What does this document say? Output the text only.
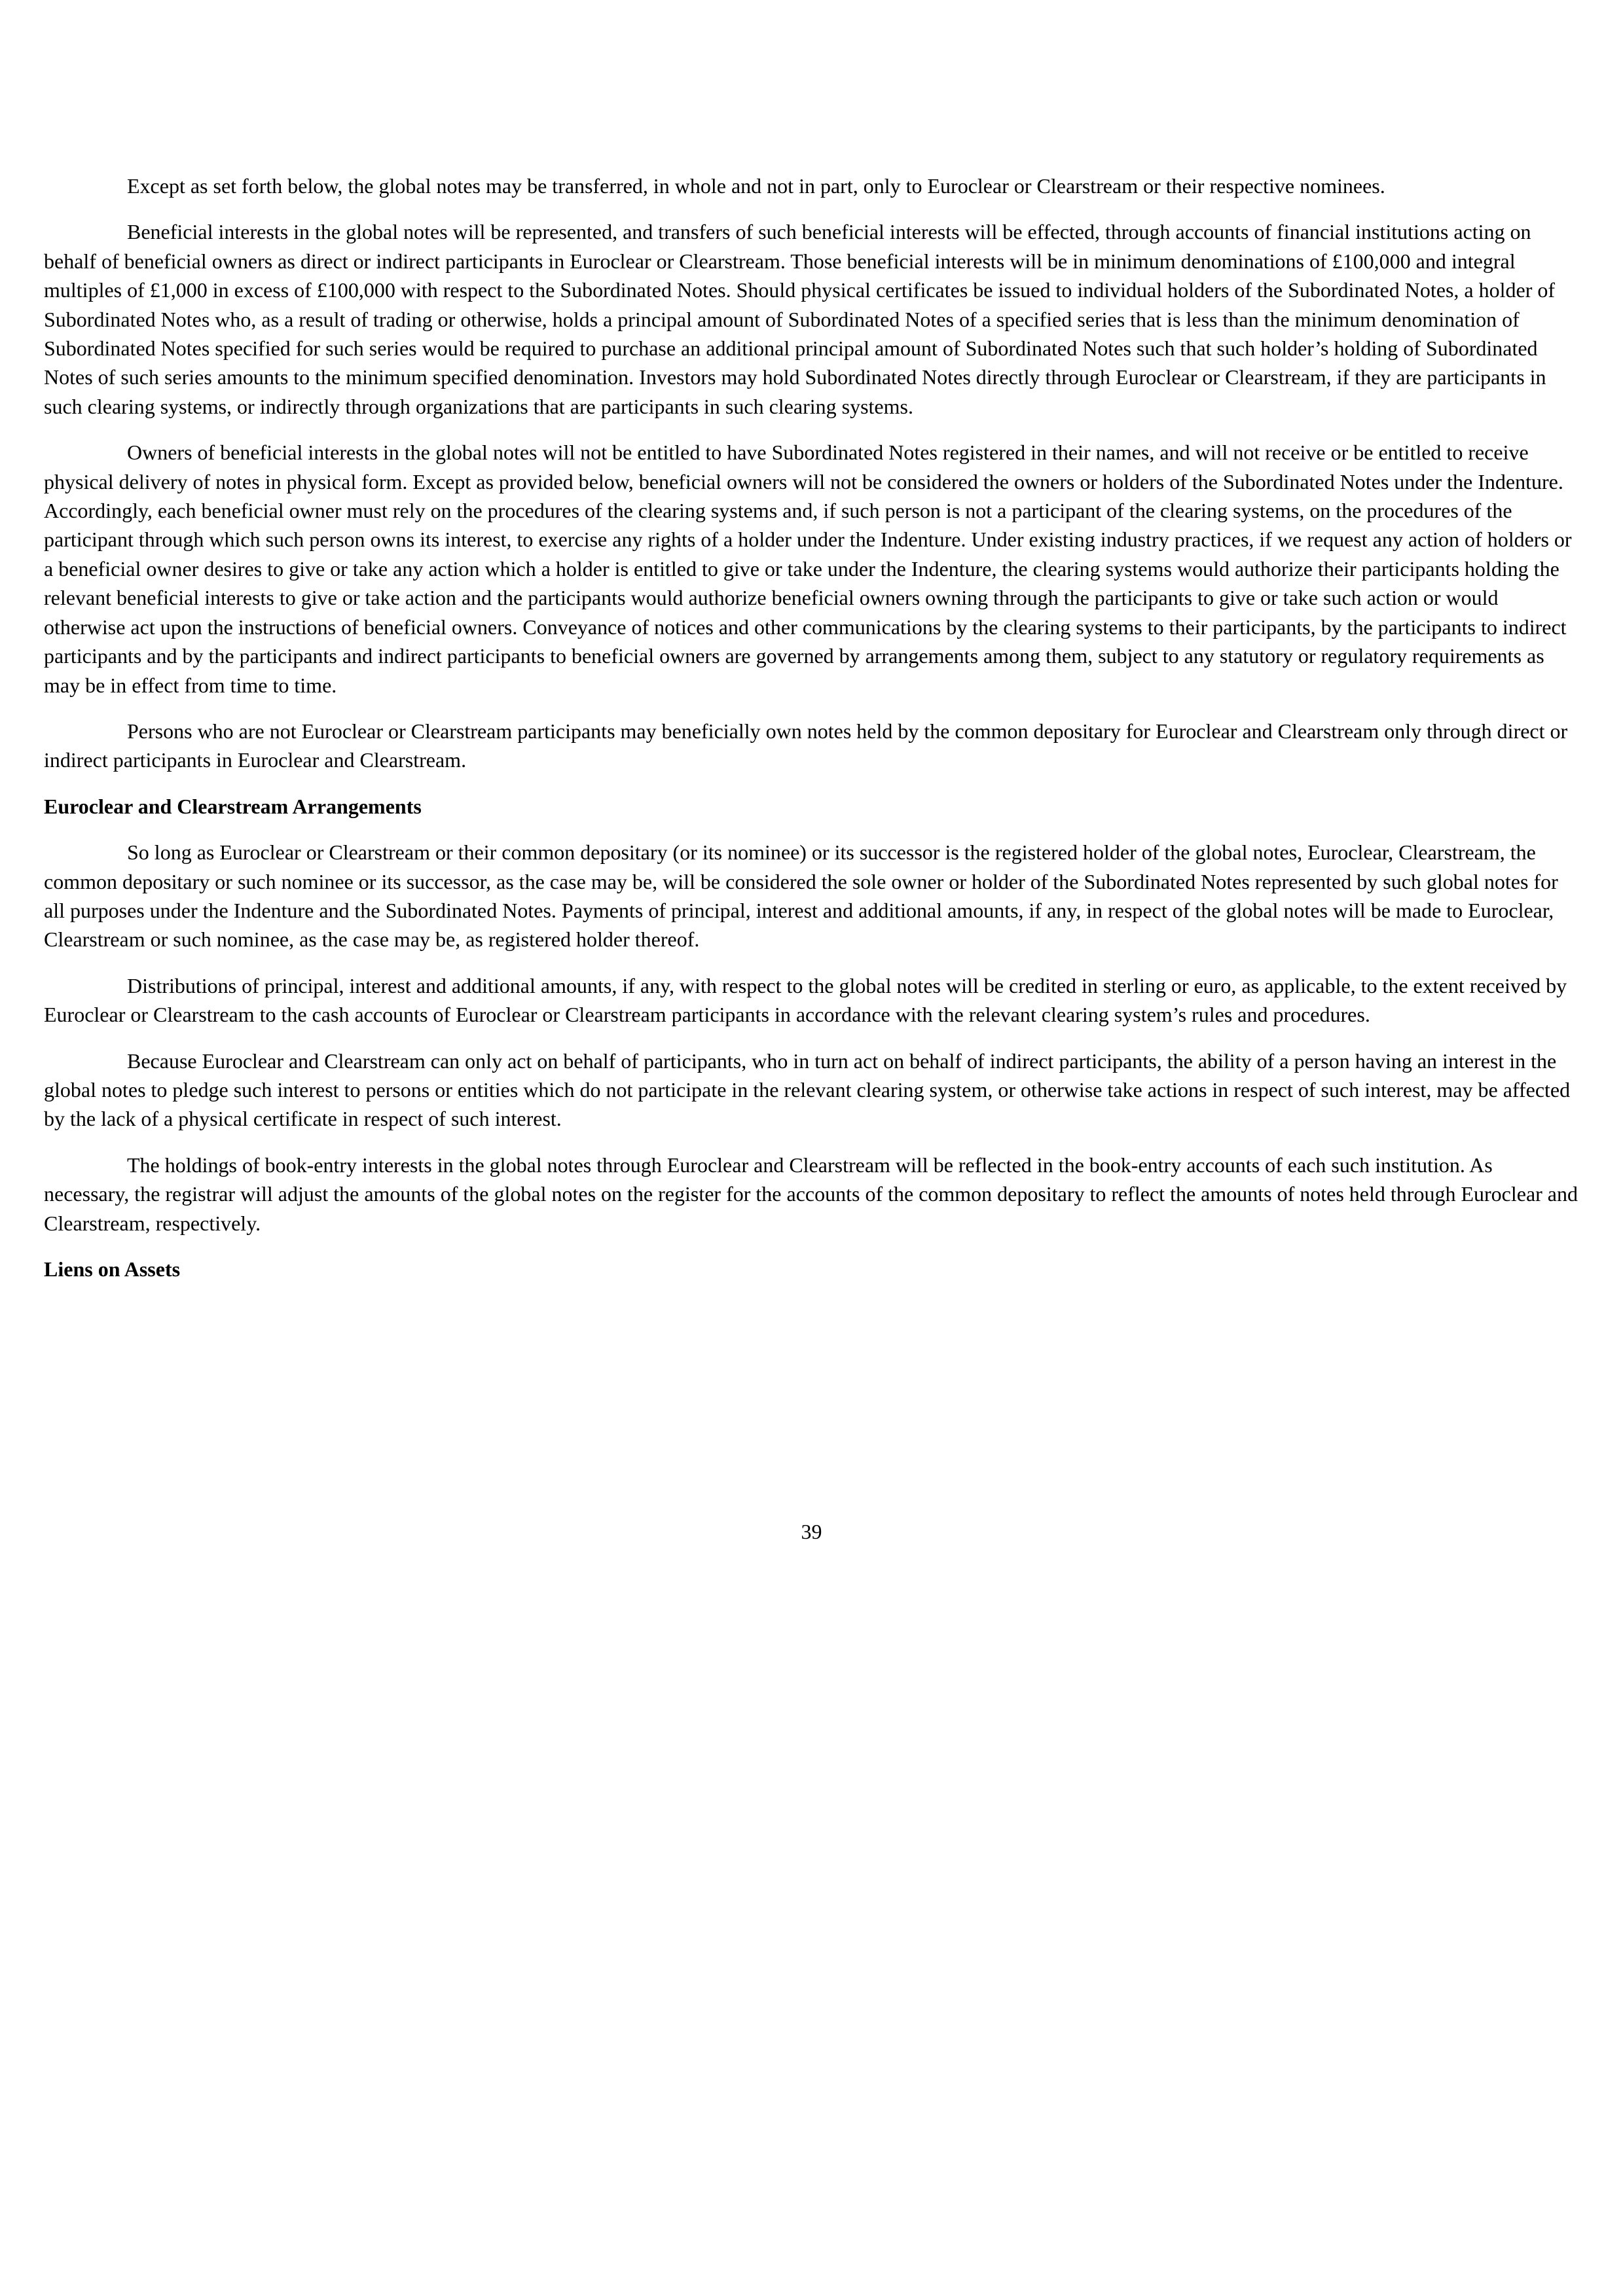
Except as set forth below, the global notes may be transferred, in whole and not in part, only to Euroclear or Clearstream or their respective nominees.

Beneficial interests in the global notes will be represented, and transfers of such beneficial interests will be effected, through accounts of financial institutions acting on behalf of beneficial owners as direct or indirect participants in Euroclear or Clearstream. Those beneficial interests will be in minimum denominations of £100,000 and integral multiples of £1,000 in excess of £100,000 with respect to the Subordinated Notes. Should physical certificates be issued to individual holders of the Subordinated Notes, a holder of Subordinated Notes who, as a result of trading or otherwise, holds a principal amount of Subordinated Notes of a specified series that is less than the minimum denomination of Subordinated Notes specified for such series would be required to purchase an additional principal amount of Subordinated Notes such that such holder’s holding of Subordinated Notes of such series amounts to the minimum specified denomination. Investors may hold Subordinated Notes directly through Euroclear or Clearstream, if they are participants in such clearing systems, or indirectly through organizations that are participants in such clearing systems.

Owners of beneficial interests in the global notes will not be entitled to have Subordinated Notes registered in their names, and will not receive or be entitled to receive physical delivery of notes in physical form. Except as provided below, beneficial owners will not be considered the owners or holders of the Subordinated Notes under the Indenture. Accordingly, each beneficial owner must rely on the procedures of the clearing systems and, if such person is not a participant of the clearing systems, on the procedures of the participant through which such person owns its interest, to exercise any rights of a holder under the Indenture. Under existing industry practices, if we request any action of holders or a beneficial owner desires to give or take any action which a holder is entitled to give or take under the Indenture, the clearing systems would authorize their participants holding the relevant beneficial interests to give or take action and the participants would authorize beneficial owners owning through the participants to give or take such action or would otherwise act upon the instructions of beneficial owners. Conveyance of notices and other communications by the clearing systems to their participants, by the participants to indirect participants and by the participants and indirect participants to beneficial owners are governed by arrangements among them, subject to any statutory or regulatory requirements as may be in effect from time to time.

Persons who are not Euroclear or Clearstream participants may beneficially own notes held by the common depositary for Euroclear and Clearstream only through direct or indirect participants in Euroclear and Clearstream.

Euroclear and Clearstream Arrangements

So long as Euroclear or Clearstream or their common depositary (or its nominee) or its successor is the registered holder of the global notes, Euroclear, Clearstream, the common depositary or such nominee or its successor, as the case may be, will be considered the sole owner or holder of the Subordinated Notes represented by such global notes for all purposes under the Indenture and the Subordinated Notes. Payments of principal, interest and additional amounts, if any, in respect of the global notes will be made to Euroclear, Clearstream or such nominee, as the case may be, as registered holder thereof.

Distributions of principal, interest and additional amounts, if any, with respect to the global notes will be credited in sterling or euro, as applicable, to the extent received by Euroclear or Clearstream to the cash accounts of Euroclear or Clearstream participants in accordance with the relevant clearing system’s rules and procedures.

Because Euroclear and Clearstream can only act on behalf of participants, who in turn act on behalf of indirect participants, the ability of a person having an interest in the global notes to pledge such interest to persons or entities which do not participate in the relevant clearing system, or otherwise take actions in respect of such interest, may be affected by the lack of a physical certificate in respect of such interest.

The holdings of book-entry interests in the global notes through Euroclear and Clearstream will be reflected in the book-entry accounts of each such institution. As necessary, the registrar will adjust the amounts of the global notes on the register for the accounts of the common depositary to reflect the amounts of notes held through Euroclear and Clearstream, respectively.

Liens on Assets

39
